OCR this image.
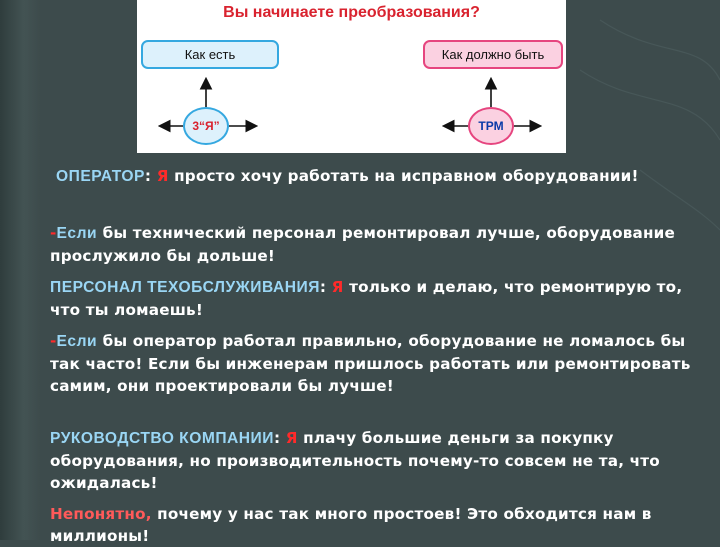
Вы начинаете преобразования?
Как есть	Как должно быть
3“Я”	ТРМ

ОПЕРАТОР: Я просто хочу работать на исправном оборудовании!

-Если бы технический персонал ремонтировал лучше, оборудование прослужило бы дольше!

ПЕРСОНАЛ ТЕХОБСЛУЖИВАНИЯ: Я только и делаю, что ремонтирую то, что ты ломаешь!

-Если бы оператор работал правильно, оборудование не ломалось бы так часто! Если бы инженерам пришлось работать или ремонтировать самим, они проектировали бы лучше!

РУКОВОДСТВО КОМПАНИИ: Я плачу большие деньги за покупку оборудования, но производительность почему-то совсем не та, что ожидалась!

Непонятно, почему у нас так много простоев! Это обходится нам в миллионы!
